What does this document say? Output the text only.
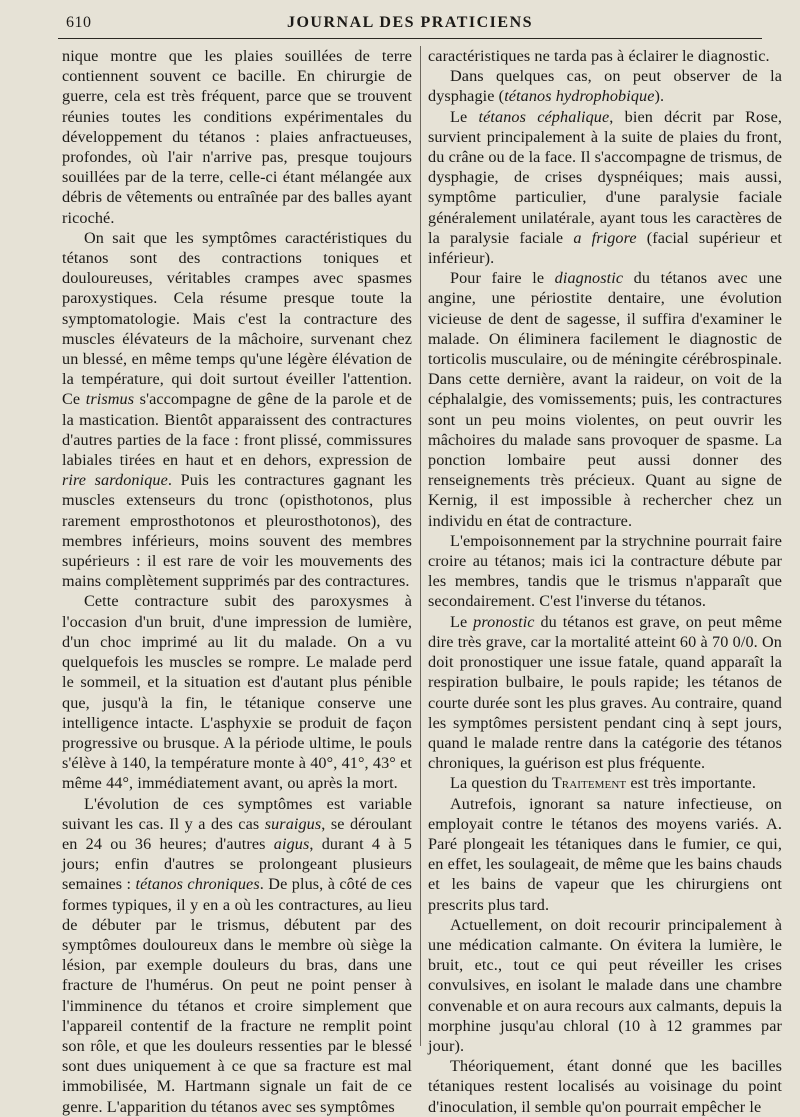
610	JOURNAL DES PRATICIENS

nique montre que les plaies souillées de terre contiennent souvent ce bacille. En chirurgie de guerre, cela est très fréquent, parce que se trouvent réunies toutes les conditions expérimentales du développement du tétanos : plaies anfractueuses, profondes, où l'air n'arrive pas, presque toujours souillées par de la terre, celle-ci étant mélangée aux débris de vêtements ou entraînée par des balles ayant ricoché.

On sait que les symptômes caractéristiques du tétanos sont des contractions toniques et douloureuses, véritables crampes avec spasmes paroxystiques. Cela résume presque toute la symptomatologie. Mais c'est la contracture des muscles élévateurs de la mâchoire, survenant chez un blessé, en même temps qu'une légère élévation de la température, qui doit surtout éveiller l'attention. Ce trismus s'accompagne de gêne de la parole et de la mastication. Bientôt apparaissent des contractures d'autres parties de la face : front plissé, commissures labiales tirées en haut et en dehors, expression de rire sardonique. Puis les contractures gagnant les muscles extenseurs du tronc (opisthotonos, plus rarement emprosthotonos et pleurosthotonos), des membres inférieurs, moins souvent des membres supérieurs : il est rare de voir les mouvements des mains complètement supprimés par des contractures.

Cette contracture subit des paroxysmes à l'occasion d'un bruit, d'une impression de lumière, d'un choc imprimé au lit du malade. On a vu quelquefois les muscles se rompre. Le malade perd le sommeil, et la situation est d'autant plus pénible que, jusqu'à la fin, le tétanique conserve une intelligence intacte. L'asphyxie se produit de façon progressive ou brusque. A la période ultime, le pouls s'élève à 140, la température monte à 40°, 41°, 43° et même 44°, immédiatement avant, ou après la mort.

L'évolution de ces symptômes est variable suivant les cas. Il y a des cas suraigus, se déroulant en 24 ou 36 heures; d'autres aigus, durant 4 à 5 jours; enfin d'autres se prolongeant plusieurs semaines : tétanos chroniques. De plus, à côté de ces formes typiques, il y en a où les contractures, au lieu de débuter par le trismus, débutent par des symptômes douloureux dans le membre où siège la lésion, par exemple douleurs du bras, dans une fracture de l'humérus. On peut ne point penser à l'imminence du tétanos et croire simplement que l'appareil contentif de la fracture ne remplit point son rôle, et que les douleurs ressenties par le blessé sont dues uniquement à ce que sa fracture est mal immobilisée, M. Hartmann signale un fait de ce genre. L'apparition du tétanos avec ses symptômes

caractéristiques ne tarda pas à éclairer le diagnostic.

Dans quelques cas, on peut observer de la dysphagie (tétanos hydrophobique).

Le tétanos céphalique, bien décrit par Rose, survient principalement à la suite de plaies du front, du crâne ou de la face. Il s'accompagne de trismus, de dysphagie, de crises dyspnéiques; mais aussi, symptôme particulier, d'une paralysie faciale généralement unilatérale, ayant tous les caractères de la paralysie faciale a frigore (facial supérieur et inférieur).

Pour faire le diagnostic du tétanos avec une angine, une périostite dentaire, une évolution vicieuse de dent de sagesse, il suffira d'examiner le malade. On éliminera facilement le diagnostic de torticolis musculaire, ou de méningite cérébrospinale. Dans cette dernière, avant la raideur, on voit de la céphalalgie, des vomissements; puis, les contractures sont un peu moins violentes, on peut ouvrir les mâchoires du malade sans provoquer de spasme. La ponction lombaire peut aussi donner des renseignements très précieux. Quant au signe de Kernig, il est impossible à rechercher chez un individu en état de contracture.

L'empoisonnement par la strychnine pourrait faire croire au tétanos; mais ici la contracture débute par les membres, tandis que le trismus n'apparaît que secondairement. C'est l'inverse du tétanos.

Le pronostic du tétanos est grave, on peut même dire très grave, car la mortalité atteint 60 à 70 0/0. On doit pronostiquer une issue fatale, quand apparaît la respiration bulbaire, le pouls rapide; les tétanos de courte durée sont les plus graves. Au contraire, quand les symptômes persistent pendant cinq à sept jours, quand le malade rentre dans la catégorie des tétanos chroniques, la guérison est plus fréquente.

La question du Traitement est très importante.

Autrefois, ignorant sa nature infectieuse, on employait contre le tétanos des moyens variés. A. Paré plongeait les tétaniques dans le fumier, ce qui, en effet, les soulageait, de même que les bains chauds et les bains de vapeur que les chirurgiens ont prescrits plus tard.

Actuellement, on doit recourir principalement à une médication calmante. On évitera la lumière, le bruit, etc., tout ce qui peut réveiller les crises convulsives, en isolant le malade dans une chambre convenable et on aura recours aux calmants, depuis la morphine jusqu'au chloral (10 à 12 grammes par jour).

Théoriquement, étant donné que les bacilles tétaniques restent localisés au voisinage du point d'inoculation, il semble qu'on pourrait empêcher le
